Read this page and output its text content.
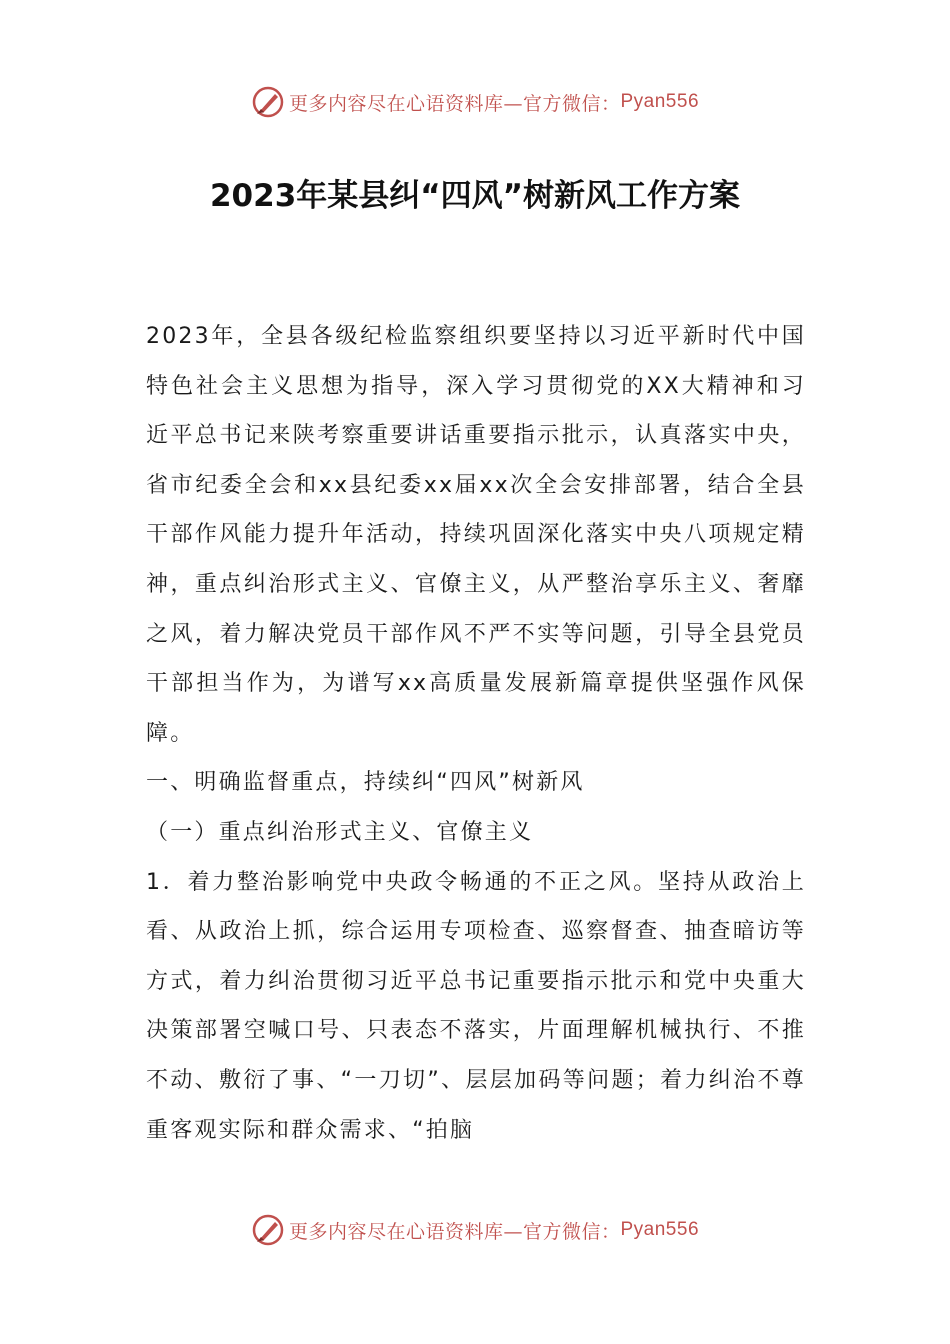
更多内容尽在心语资料库—官方微信： Pyan556
2023年某县纠“四风”树新风工作方案

2023年，全县各级纪检监察组织要坚持以习近平新时代中国特色社会主义思想为指导，深入学习贯彻党的XX大精神和习近平总书记来陕考察重要讲话重要指示批示，认真落实中央，省市纪委全会和xx县纪委xx届xx次全会安排部署，结合全县干部作风能力提升年活动，持续巩固深化落实中央八项规定精神，重点纠治形式主义、官僚主义，从严整治享乐主义、奢靡之风，着力解决党员干部作风不严不实等问题，引导全县党员干部担当作为，为谱写xx高质量发展新篇章提供坚强作风保障。

一、明确监督重点，持续纠“四风”树新风

（一）重点纠治形式主义、官僚主义

1．着力整治影响党中央政令畅通的不正之风。坚持从政治上看、从政治上抓，综合运用专项检查、巡察督查、抽查暗访等方式，着力纠治贯彻习近平总书记重要指示批示和党中央重大决策部署空喊口号、只表态不落实，片面理解机械执行、不推不动、敷衍了事、“一刀切”、层层加码等问题；着力纠治不尊重客观实际和群众需求、“拍脑

更多内容尽在心语资料库—官方微信： Pyan556
